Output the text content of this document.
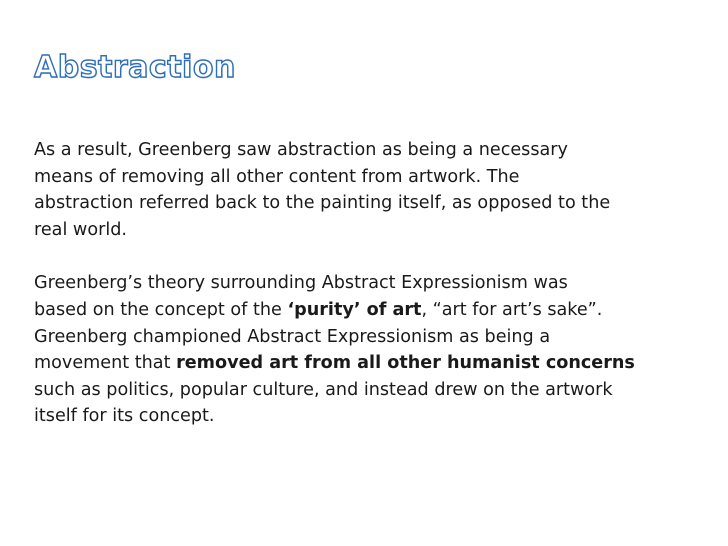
Abstraction

As a result, Greenberg saw abstraction as being a necessary
means of removing all other content from artwork. The
abstraction referred back to the painting itself, as opposed to the
real world.

Greenberg’s theory surrounding Abstract Expressionism was
based on the concept of the ‘purity’ of art, “art for art’s sake”.
Greenberg championed Abstract Expressionism as being a
movement that removed art from all other humanist concerns
such as politics, popular culture, and instead drew on the artwork
itself for its concept.
